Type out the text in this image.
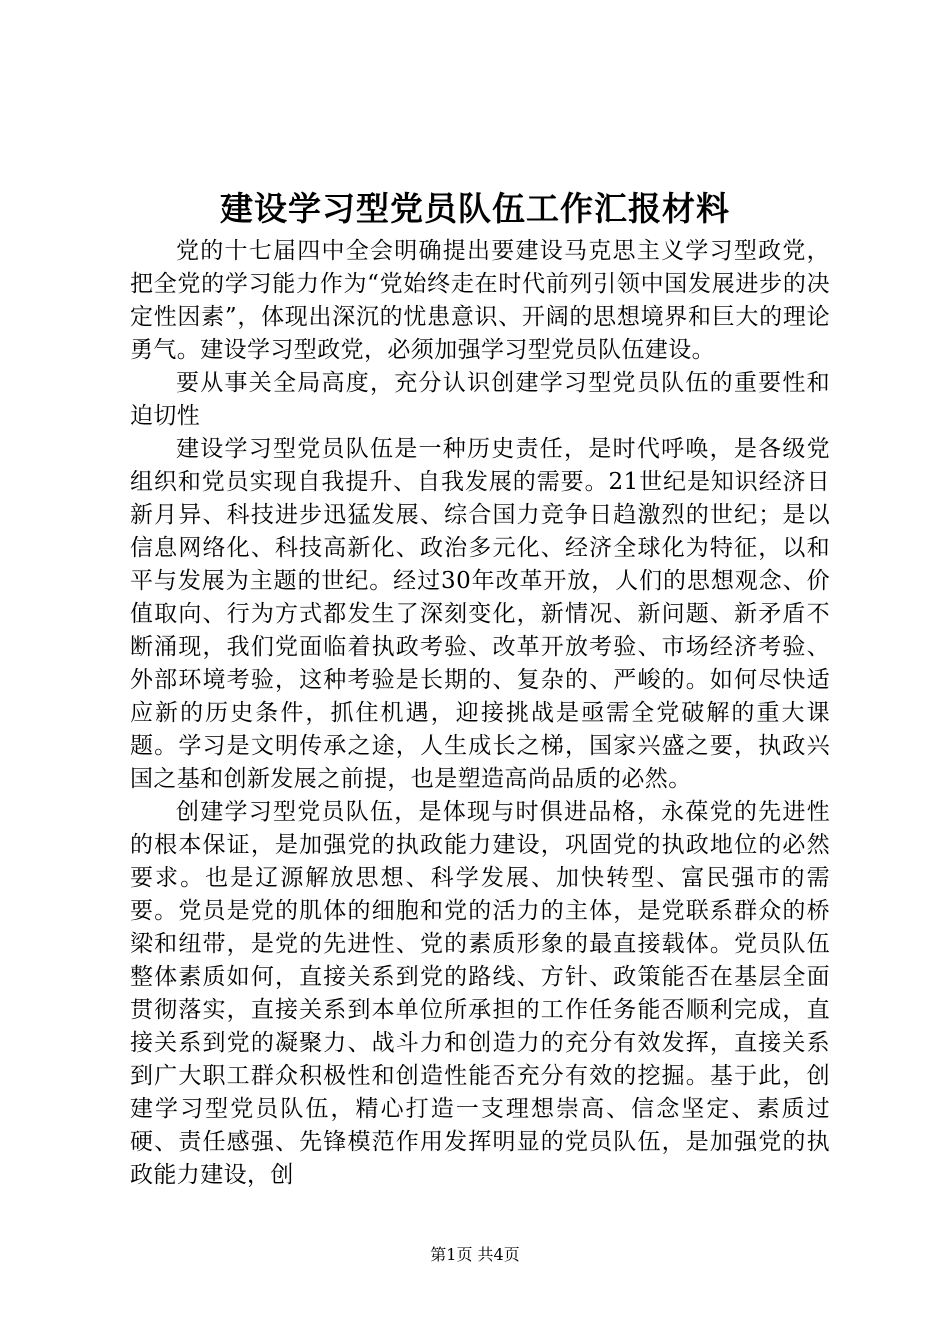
建设学习型党员队伍工作汇报材料

党的十七届四中全会明确提出要建设马克思主义学习型政党，把全党的学习能力作为“党始终走在时代前列引领中国发展进步的决定性因素”，体现出深沉的忧患意识、开阔的思想境界和巨大的理论勇气。建设学习型政党，必须加强学习型党员队伍建设。

要从事关全局高度，充分认识创建学习型党员队伍的重要性和迫切性

建设学习型党员队伍是一种历史责任，是时代呼唤，是各级党组织和党员实现自我提升、自我发展的需要。21世纪是知识经济日新月异、科技进步迅猛发展、综合国力竞争日趋激烈的世纪；是以信息网络化、科技高新化、政治多元化、经济全球化为特征，以和平与发展为主题的世纪。经过30年改革开放，人们的思想观念、价值取向、行为方式都发生了深刻变化，新情况、新问题、新矛盾不断涌现，我们党面临着执政考验、改革开放考验、市场经济考验、外部环境考验，这种考验是长期的、复杂的、严峻的。如何尽快适应新的历史条件，抓住机遇，迎接挑战是亟需全党破解的重大课题。学习是文明传承之途，人生成长之梯，国家兴盛之要，执政兴国之基和创新发展之前提，也是塑造高尚品质的必然。

创建学习型党员队伍，是体现与时俱进品格，永葆党的先进性的根本保证，是加强党的执政能力建设，巩固党的执政地位的必然要求。也是辽源解放思想、科学发展、加快转型、富民强市的需要。党员是党的肌体的细胞和党的活力的主体，是党联系群众的桥梁和纽带，是党的先进性、党的素质形象的最直接载体。党员队伍整体素质如何，直接关系到党的路线、方针、政策能否在基层全面贯彻落实，直接关系到本单位所承担的工作任务能否顺利完成，直接关系到党的凝聚力、战斗力和创造力的充分有效发挥，直接关系到广大职工群众积极性和创造性能否充分有效的挖掘。基于此，创建学习型党员队伍，精心打造一支理想崇高、信念坚定、素质过硬、责任感强、先锋模范作用发挥明显的党员队伍，是加强党的执政能力建设，创

第1页 共4页
